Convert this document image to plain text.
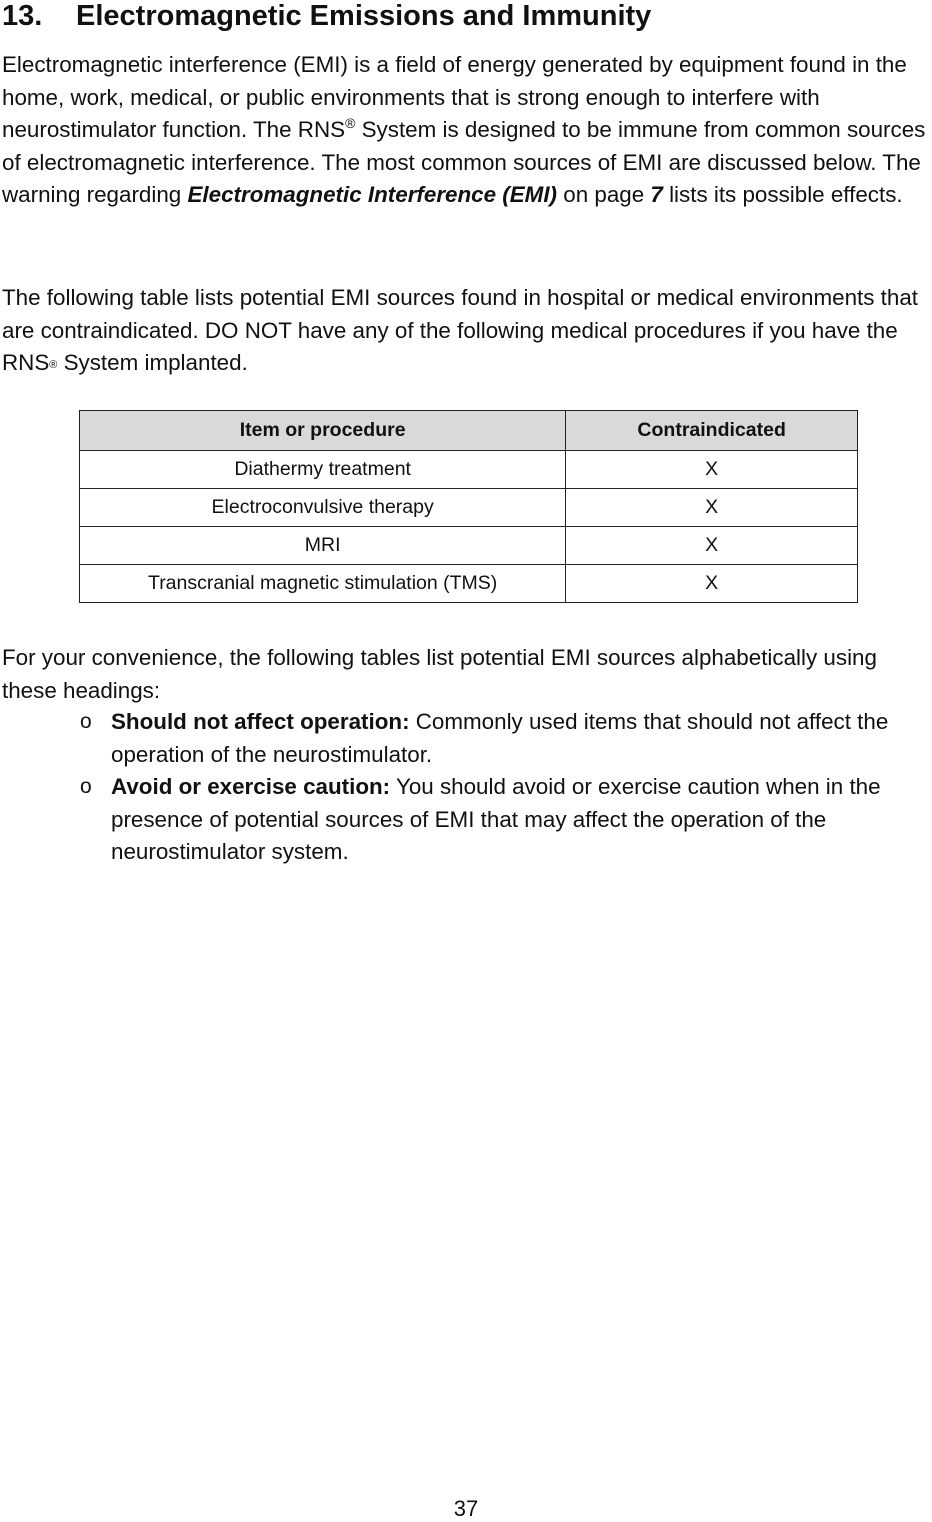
13. Electromagnetic Emissions and Immunity

Electromagnetic interference (EMI) is a field of energy generated by equipment found in the home, work, medical, or public environments that is strong enough to interfere with neurostimulator function. The RNS® System is designed to be immune from common sources of electromagnetic interference. The most common sources of EMI are discussed below. The warning regarding Electromagnetic Interference (EMI) on page 7 lists its possible effects.

The following table lists potential EMI sources found in hospital or medical environments that are contraindicated. DO NOT have any of the following medical procedures if you have the RNS® System implanted.

Item or procedure	Contraindicated
Diathermy treatment	X
Electroconvulsive therapy	X
MRI	X
Transcranial magnetic stimulation (TMS)	X

For your convenience, the following tables list potential EMI sources alphabetically using these headings:

o Should not affect operation: Commonly used items that should not affect the operation of the neurostimulator.
o Avoid or exercise caution: You should avoid or exercise caution when in the presence of potential sources of EMI that may affect the operation of the neurostimulator system.
37
